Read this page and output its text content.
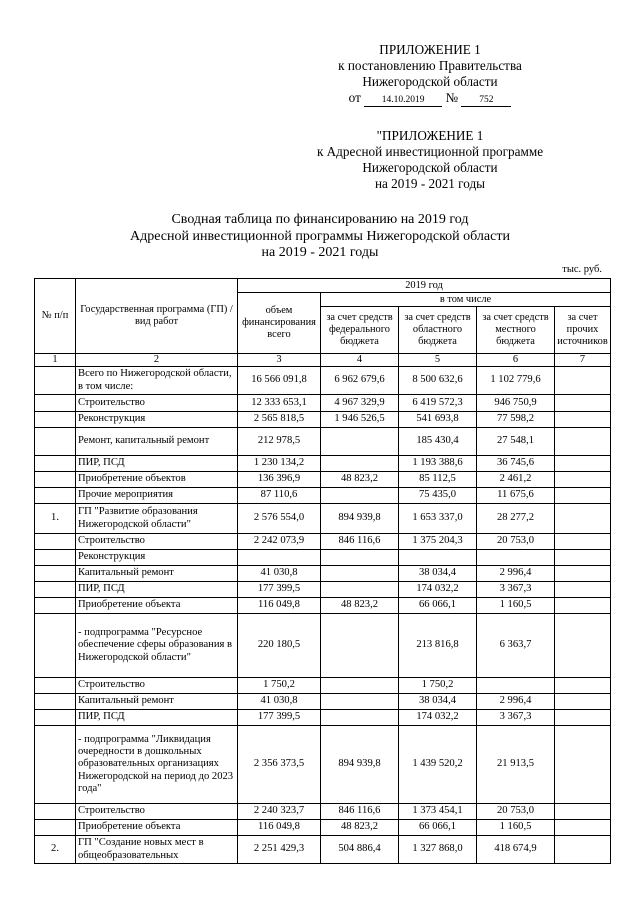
ПРИЛОЖЕНИЕ 1
к постановлению Правительства
Нижегородской области
от 14.10.2019 № 752
"ПРИЛОЖЕНИЕ 1
к Адресной инвестиционной программе
Нижегородской области
на 2019 - 2021 годы
Сводная таблица по финансированию на 2019 год
Адресной инвестиционной программы Нижегородской области
на 2019 - 2021 годы
тыс. руб.
№ п/п	Государственная программа (ГП) / вид работ	2019 год				
		объем финансирования всего	в том числе			
			за счет средств федерального бюджета	за счет средств областного бюджета	за счет средств местного бюджета	за счет прочих источников

1	2	3	4	5	6	7
	Всего по Нижегородской области, в том числе:	16 566 091,8	6 962 679,6	8 500 632,6	1 102 779,6	
	Строительство	12 333 653,1	4 967 329,9	6 419 572,3	946 750,9	
	Реконструкция	2 565 818,5	1 946 526,5	541 693,8	77 598,2	
	Ремонт, капитальный ремонт	212 978,5		185 430,4	27 548,1	
	ПИР, ПСД	1 230 134,2		1 193 388,6	36 745,6	
	Приобретение объектов	136 396,9	48 823,2	85 112,5	2 461,2	
	Прочие мероприятия	87 110,6		75 435,0	11 675,6	
1.	ГП "Развитие образования Нижегородской области"	2 576 554,0	894 939,8	1 653 337,0	28 277,2	
	Строительство	2 242 073,9	846 116,6	1 375 204,3	20 753,0	
	Реконструкция					
	Капитальный ремонт	41 030,8		38 034,4	2 996,4	
	ПИР, ПСД	177 399,5		174 032,2	3 367,3	
	Приобретение объекта	116 049,8	48 823,2	66 066,1	1 160,5	
	- подпрограмма "Ресурсное обеспечение сферы образования в Нижегородской области"	220 180,5		213 816,8	6 363,7	
	Строительство	1 750,2		1 750,2		
	Капитальный ремонт	41 030,8		38 034,4	2 996,4	
	ПИР, ПСД	177 399,5		174 032,2	3 367,3	
	- подпрограмма "Ликвидация очередности в дошкольных образовательных организациях Нижегородской на период до 2023 года"	2 356 373,5	894 939,8	1 439 520,2	21 913,5	
	Строительство	2 240 323,7	846 116,6	1 373 454,1	20 753,0	
	Приобретение объекта	116 049,8	48 823,2	66 066,1	1 160,5	
2.	ГП "Создание новых мест в общеобразовательных	2 251 429,3	504 886,4	1 327 868,0	418 674,9	
